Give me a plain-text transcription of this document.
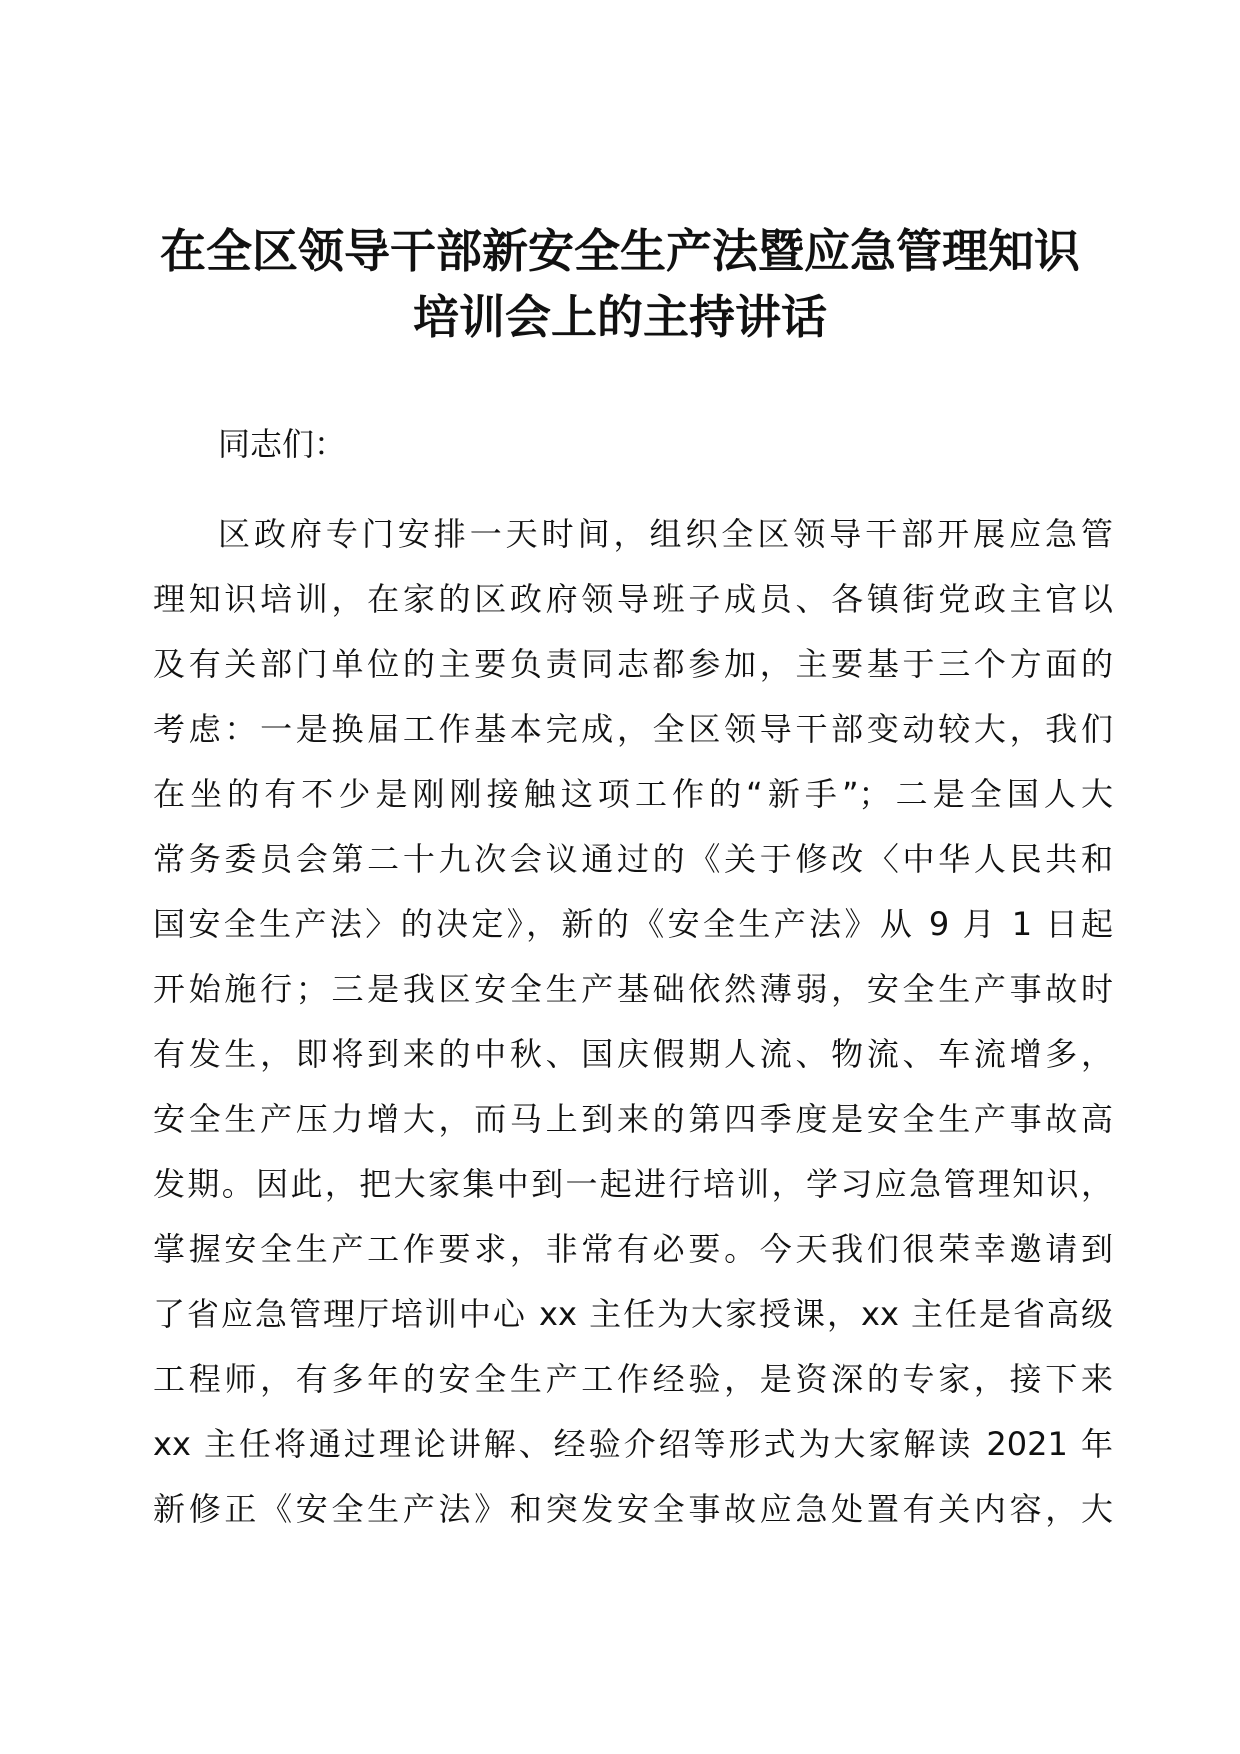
在全区领导干部新安全生产法暨应急管理知识
培训会上的主持讲话

同志们：

区政府专门安排一天时间，组织全区领导干部开展应急管
理知识培训，在家的区政府领导班子成员、各镇街党政主官以
及有关部门单位的主要负责同志都参加，主要基于三个方面的
考虑：一是换届工作基本完成，全区领导干部变动较大，我们
在坐的有不少是刚刚接触这项工作的“新手”；二是全国人大
常务委员会第二十九次会议通过的《关于修改〈中华人民共和
国安全生产法〉的决定》，新的《安全生产法》从 9 月 1 日起
开始施行；三是我区安全生产基础依然薄弱，安全生产事故时
有发生，即将到来的中秋、国庆假期人流、物流、车流增多，
安全生产压力增大，而马上到来的第四季度是安全生产事故高
发期。因此，把大家集中到一起进行培训，学习应急管理知识，
掌握安全生产工作要求，非常有必要。今天我们很荣幸邀请到
了省应急管理厅培训中心 xx 主任为大家授课，xx 主任是省高级
工程师，有多年的安全生产工作经验，是资深的专家，接下来
xx 主任将通过理论讲解、经验介绍等形式为大家解读 2021 年
新修正《安全生产法》和突发安全事故应急处置有关内容，大
